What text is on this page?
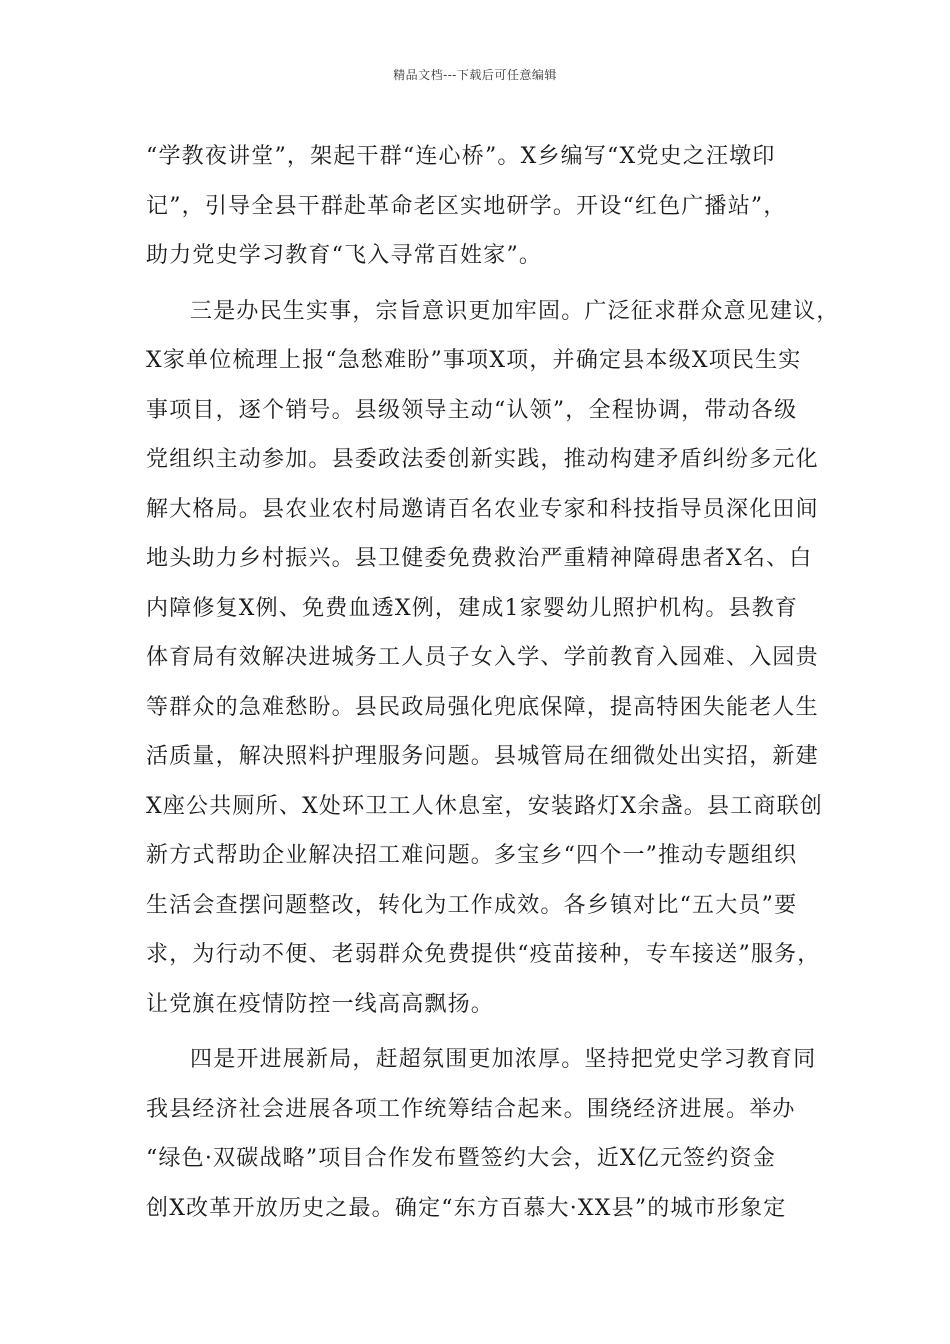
精品文档---下载后可任意编辑
“学教夜讲堂”，架起干群“连心桥”。X乡编写“X党史之汪墩印
记”，引导全县干群赴革命老区实地研学。开设“红色广播站”，
助力党史学习教育“飞入寻常百姓家”。
三是办民生实事，宗旨意识更加牢固。广泛征求群众意见建议，
X家单位梳理上报“急愁难盼”事项X项，并确定县本级X项民生实
事项目，逐个销号。县级领导主动“认领”，全程协调，带动各级
党组织主动参加。县委政法委创新实践，推动构建矛盾纠纷多元化
解大格局。县农业农村局邀请百名农业专家和科技指导员深化田间
地头助力乡村振兴。县卫健委免费救治严重精神障碍患者X名、白
内障修复X例、免费血透X例，建成1家婴幼儿照护机构。县教育
体育局有效解决进城务工人员子女入学、学前教育入园难、入园贵
等群众的急难愁盼。县民政局强化兜底保障，提高特困失能老人生
活质量，解决照料护理服务问题。县城管局在细微处出实招，新建
X座公共厕所、X处环卫工人休息室，安装路灯X余盏。县工商联创
新方式帮助企业解决招工难问题。多宝乡“四个一”推动专题组织
生活会查摆问题整改，转化为工作成效。各乡镇对比“五大员”要
求，为行动不便、老弱群众免费提供“疫苗接种，专车接送”服务，
让党旗在疫情防控一线高高飘扬。
四是开进展新局，赶超氛围更加浓厚。坚持把党史学习教育同
我县经济社会进展各项工作统筹结合起来。围绕经济进展。举办
“绿色·双碳战略”项目合作发布暨签约大会，近X亿元签约资金
创X改革开放历史之最。确定“东方百慕大·XX县”的城市形象定
